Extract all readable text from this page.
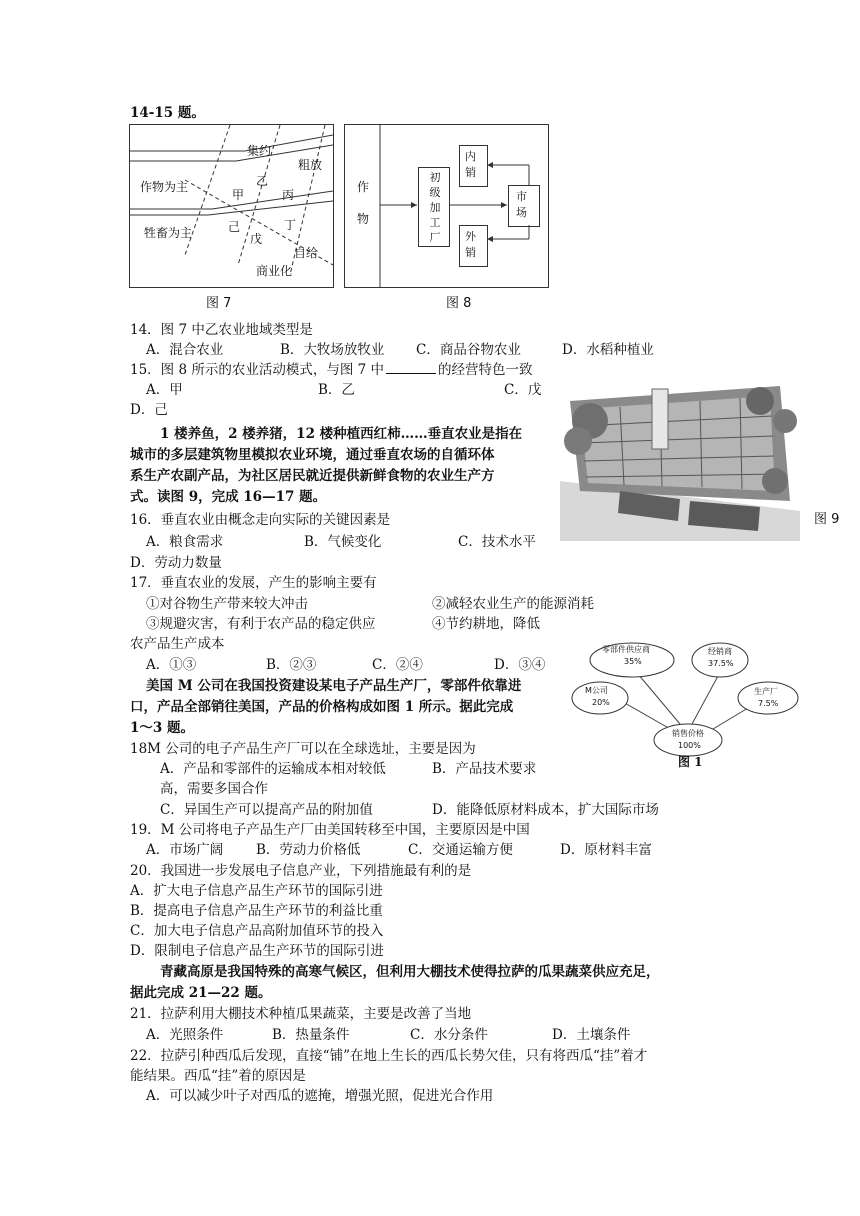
14-15 题。
作物为主
牲畜为主
集约
粗放
甲
乙
丙
己	丁
戊
自给
商业化
图 7
作
物
初
级
加
工
厂
内
销
外
销
市
场
图 8
14．图 7 中乙农业地域类型是
A．混合农业	B．大牧场放牧业 C．商品谷物农业	D．水稻种植业
15．图 8 所示的农业活动模式，与图 7 中	的经营特色一致
A．甲	B．乙	C．戊
D．己
图 9
1 楼养鱼，2 楼养猪，12 楼种植西红柿……垂直农业是指在
城市的多层建筑物里模拟农业环境，通过垂直农场的自循环体
系生产农副产品，为社区居民就近提供新鲜食物的农业生产方
式。读图 9，完成 16—17 题。
16．垂直农业由概念走向实际的关键因素是
A．粮食需求	B．气候变化	C．技术水平
D．劳动力数量
17．垂直农业的发展，产生的影响主要有
①对谷物生产带来较大冲击	②减轻农业生产的能源消耗
③规避灾害，有利于农产品的稳定供应	④节约耕地，降低
农产品生产成本
A．①③	B．②③	C．②④	D．③④
零部件供应商
35%
经销商
37.5%
M公司
20%
生产厂
7.5%
销售价格
100%
图 1
美国 M 公司在我国投资建设某电子产品生产厂，零部件依靠进
口，产品全部销往美国，产品的价格构成如图 1 所示。据此完成
1～3 题。
18M 公司的电子产品生产厂可以在全球选址，主要是因为
A．产品和零部件的运输成本相对较低	B．产品技术要求
高，需要多国合作
C．异国生产可以提高产品的附加值	D．能降低原材料成本，扩大国际市场
19．M 公司将电子产品生产厂由美国转移至中国，主要原因是中国
A．市场广阔 B．劳动力价格低	C．交通运输方便	D．原材料丰富
20．我国进一步发展电子信息产业，下列措施最有利的是
A．扩大电子信息产品生产环节的国际引进
B．提高电子信息产品生产环节的利益比重
C．加大电子信息产品高附加值环节的投入
D．限制电子信息产品生产环节的国际引进
青藏高原是我国特殊的高寒气候区，但利用大棚技术使得拉萨的瓜果蔬菜供应充足，
据此完成 21—22 题。
21．拉萨利用大棚技术种植瓜果蔬菜，主要是改善了当地
A．光照条件	B．热量条件	C．水分条件	D．土壤条件
22．拉萨引种西瓜后发现，直接“铺”在地上生长的西瓜长势欠佳，只有将西瓜“挂”着才
能结果。西瓜“挂”着的原因是
A．可以减少叶子对西瓜的遮掩，增强光照，促进光合作用
